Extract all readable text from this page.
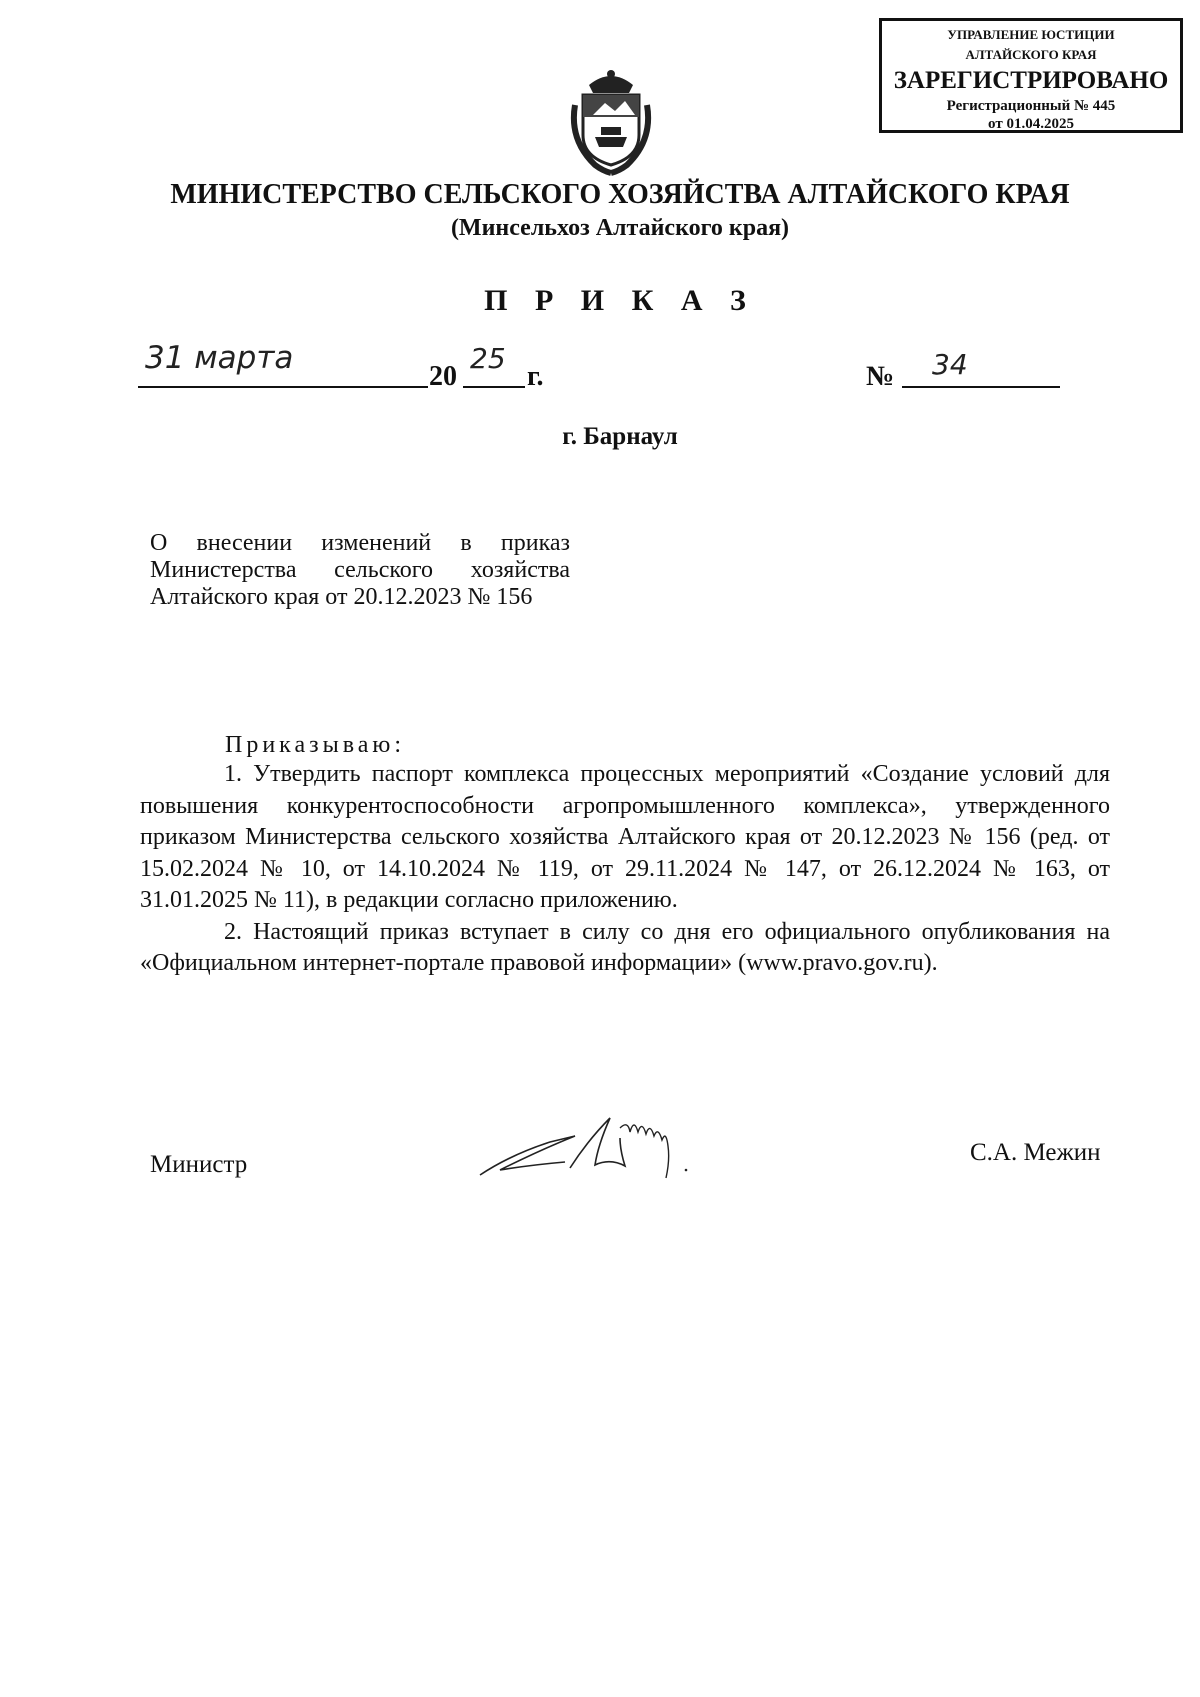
УПРАВЛЕНИЕ ЮСТИЦИИ
АЛТАЙСКОГО КРАЯ
ЗАРЕГИСТРИРОВАНО
Регистрационный № 445
от 01.04.2025
МИНИСТЕРСТВО СЕЛЬСКОГО ХОЗЯЙСТВА АЛТАЙСКОГО КРАЯ
(Минсельхоз Алтайского края)
П Р И К А З
31 марта
20
25
г.	№ 34
г. Барнаул
О внесении изменений в приказ Министерства сельского хозяйства Алтайского края от 20.12.2023 № 156
Приказываю:

1. Утвердить паспорт комплекса процессных мероприятий «Создание условий для повышения конкурентоспособности агропромышленного комплекса», утвержденного приказом Министерства сельского хозяйства Алтайского края от 20.12.2023 № 156 (ред. от 15.02.2024 № 10, от 14.10.2024 № 119, от 29.11.2024 № 147, от 26.12.2024 № 163, от 31.01.2025 № 11), в редакции согласно приложению.

2. Настоящий приказ вступает в силу со дня его официального опубликования на «Официальном интернет-портале правовой информации» (www.pravo.gov.ru).

Министр	С.А. Межин
